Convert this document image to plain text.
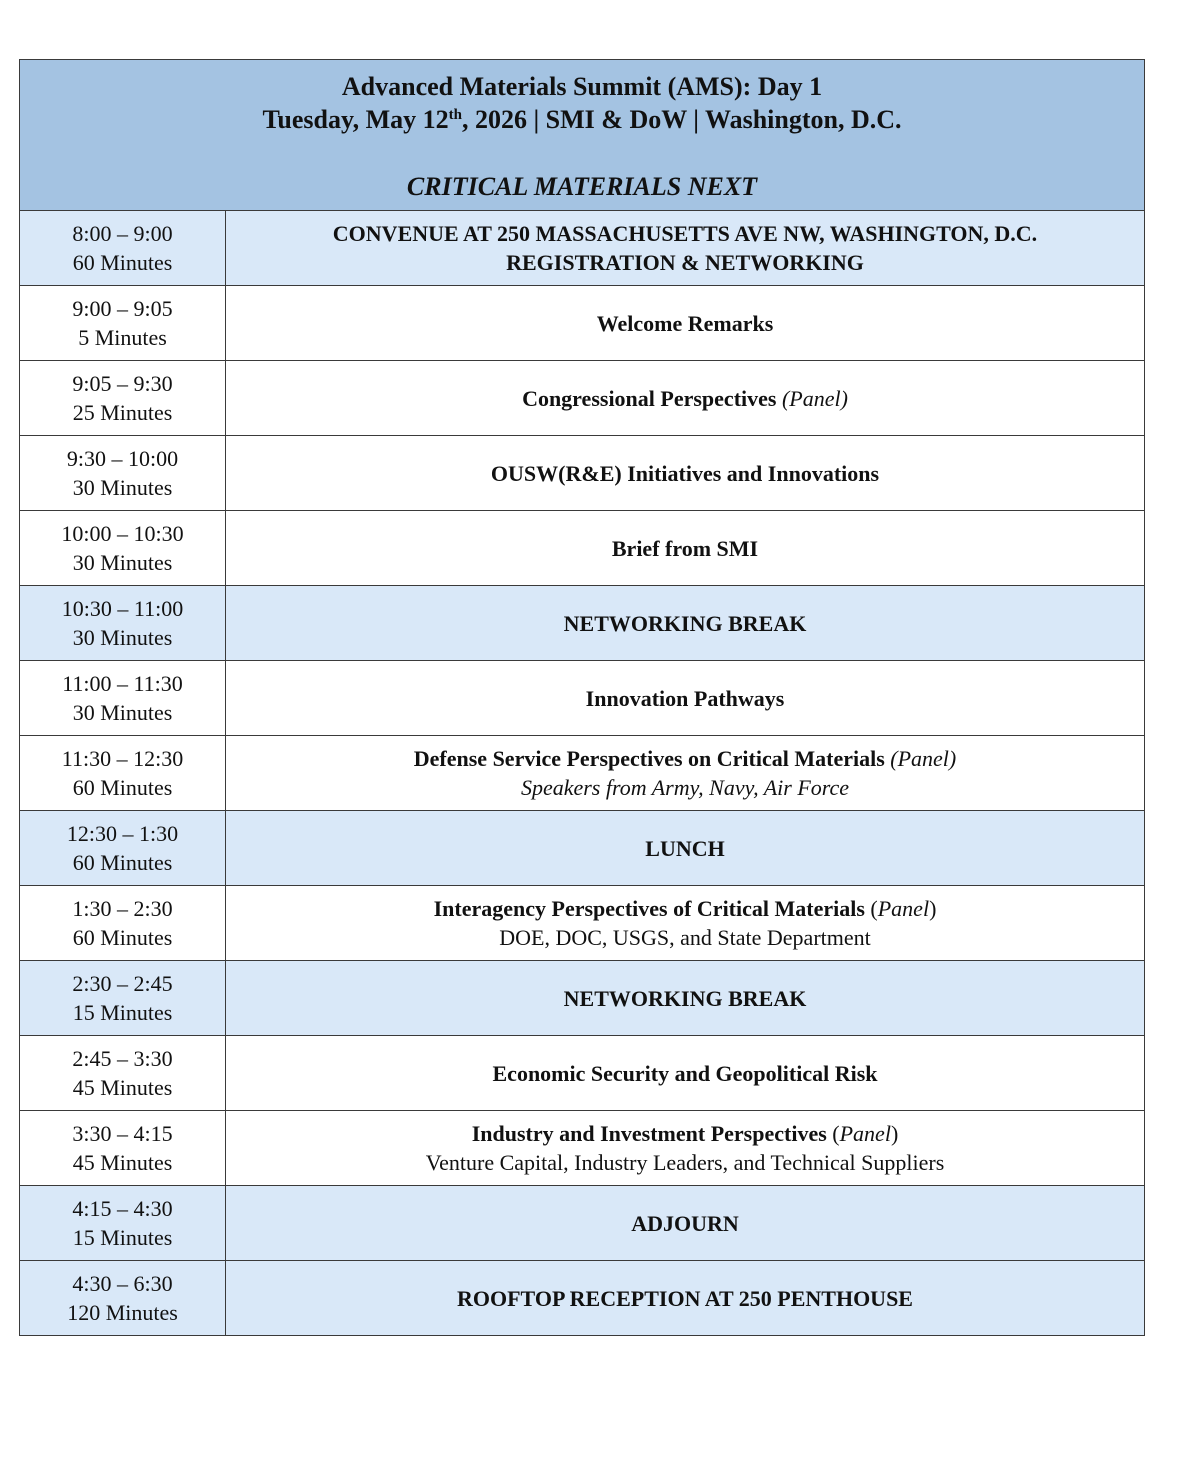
Advanced Materials Summit (AMS): Day 1
Tuesday, May 12th, 2026 | SMI & DoW | Washington, D.C.
CRITICAL MATERIALS NEXT	

8:00 – 9:00
60 Minutes	CONVENUE AT 250 MASSACHUSETTS AVE NW, WASHINGTON, D.C.
REGISTRATION & NETWORKING

9:00 – 9:05
5 Minutes	Welcome Remarks

9:05 – 9:30
25 Minutes	Congressional Perspectives (Panel)

9:30 – 10:00
30 Minutes	OUSW(R&E) Initiatives and Innovations

10:00 – 10:30
30 Minutes	Brief from SMI

10:30 – 11:00
30 Minutes	NETWORKING BREAK

11:00 – 11:30
30 Minutes	Innovation Pathways

11:30 – 12:30
60 Minutes	Defense Service Perspectives on Critical Materials (Panel)
Speakers from Army, Navy, Air Force

12:30 – 1:30
60 Minutes	LUNCH

1:30 – 2:30
60 Minutes	Interagency Perspectives of Critical Materials (Panel)
DOE, DOC, USGS, and State Department

2:30 – 2:45
15 Minutes	NETWORKING BREAK

2:45 – 3:30
45 Minutes	Economic Security and Geopolitical Risk

3:30 – 4:15
45 Minutes	Industry and Investment Perspectives (Panel)
Venture Capital, Industry Leaders, and Technical Suppliers

4:15 – 4:30
15 Minutes	ADJOURN

4:30 – 6:30
120 Minutes	ROOFTOP RECEPTION AT 250 PENTHOUSE
